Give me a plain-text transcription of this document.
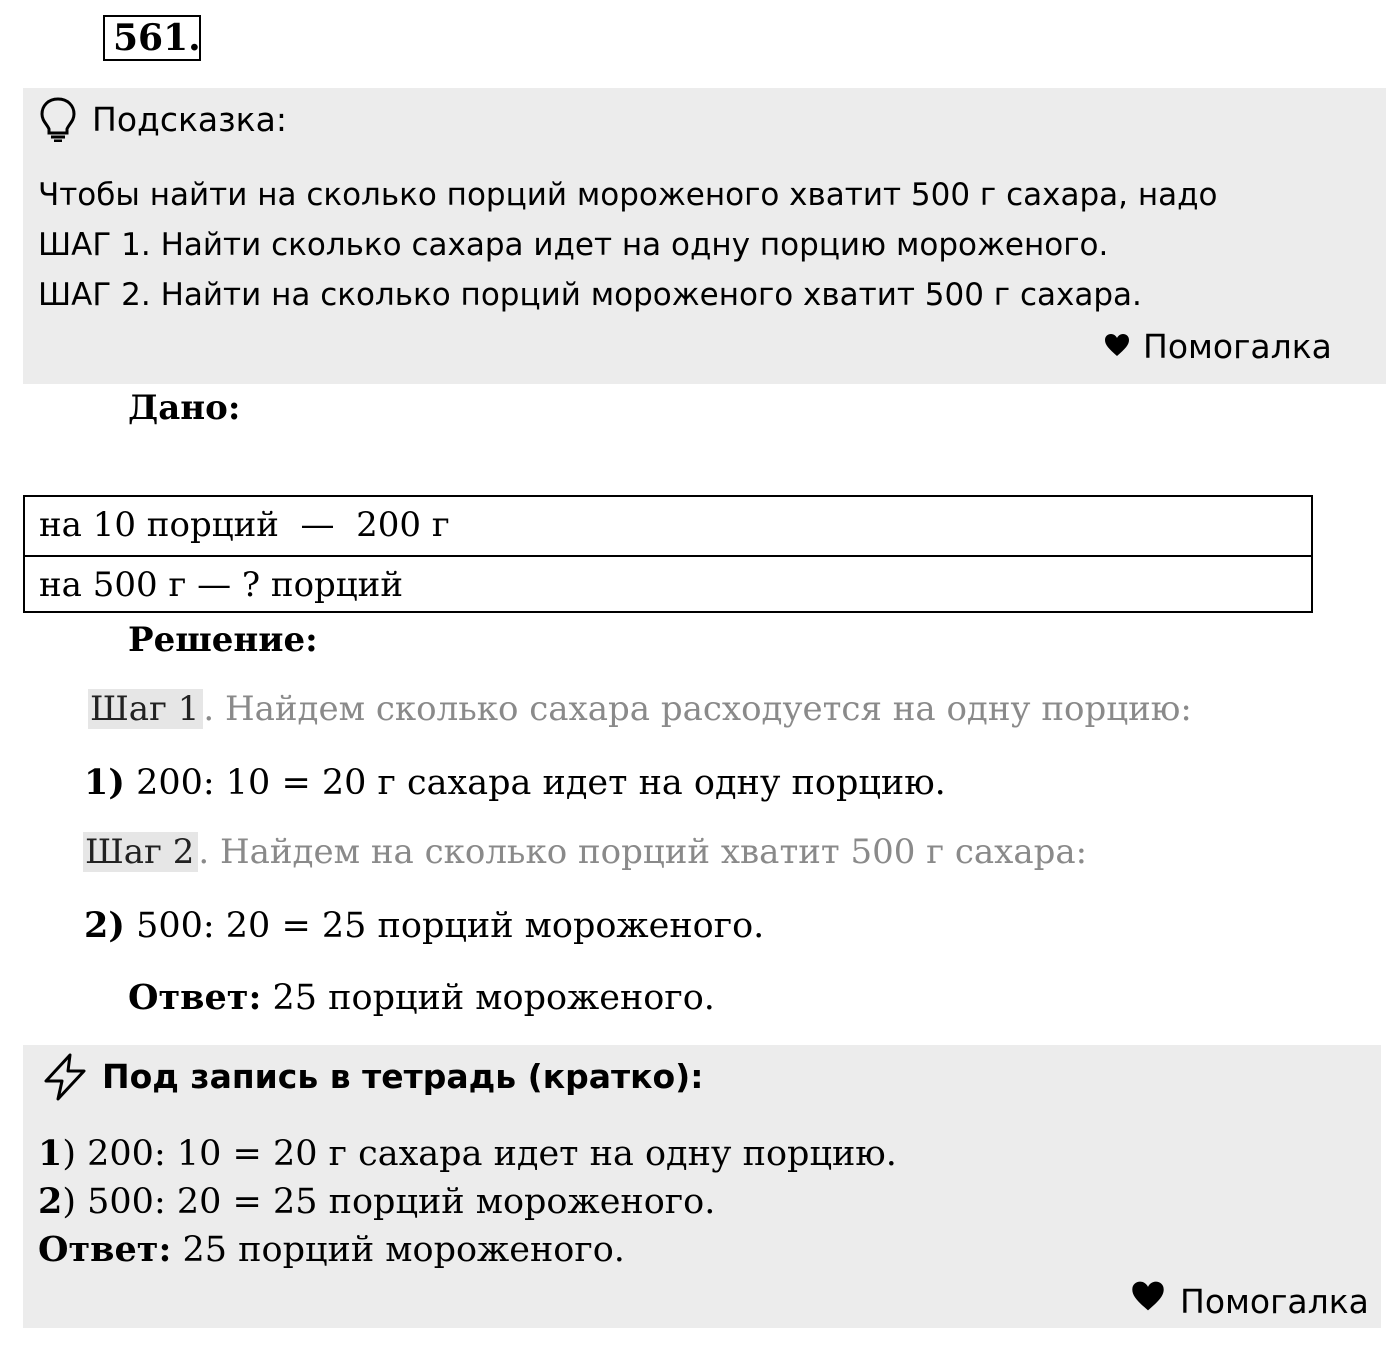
561.
Подсказка:
Чтобы найти на сколько порций мороженого хватит 500 г сахара, надо
ШАГ 1. Найти сколько сахара идет на одну порцию мороженого.
ШАГ 2. Найти на сколько порций мороженого хватит 500 г сахара.
Помогалка
Дано:
на 10 порций  —  200 г
на 500 г — ? порций
Решение:
Шаг 1 . Найдем сколько сахара расходуется на одну порцию:
1) 200: 10 = 20 г сахара идет на одну порцию.
Шаг 2 . Найдем на сколько порций хватит 500 г сахара:
2) 500: 20 = 25 порций мороженого.
Ответ: 25 порций мороженого.
Под запись в тетрадь (кратко):
1) 200: 10 = 20 г сахара идет на одну порцию.
2) 500: 20 = 25 порций мороженого.
Ответ: 25 порций мороженого.
Помогалка
